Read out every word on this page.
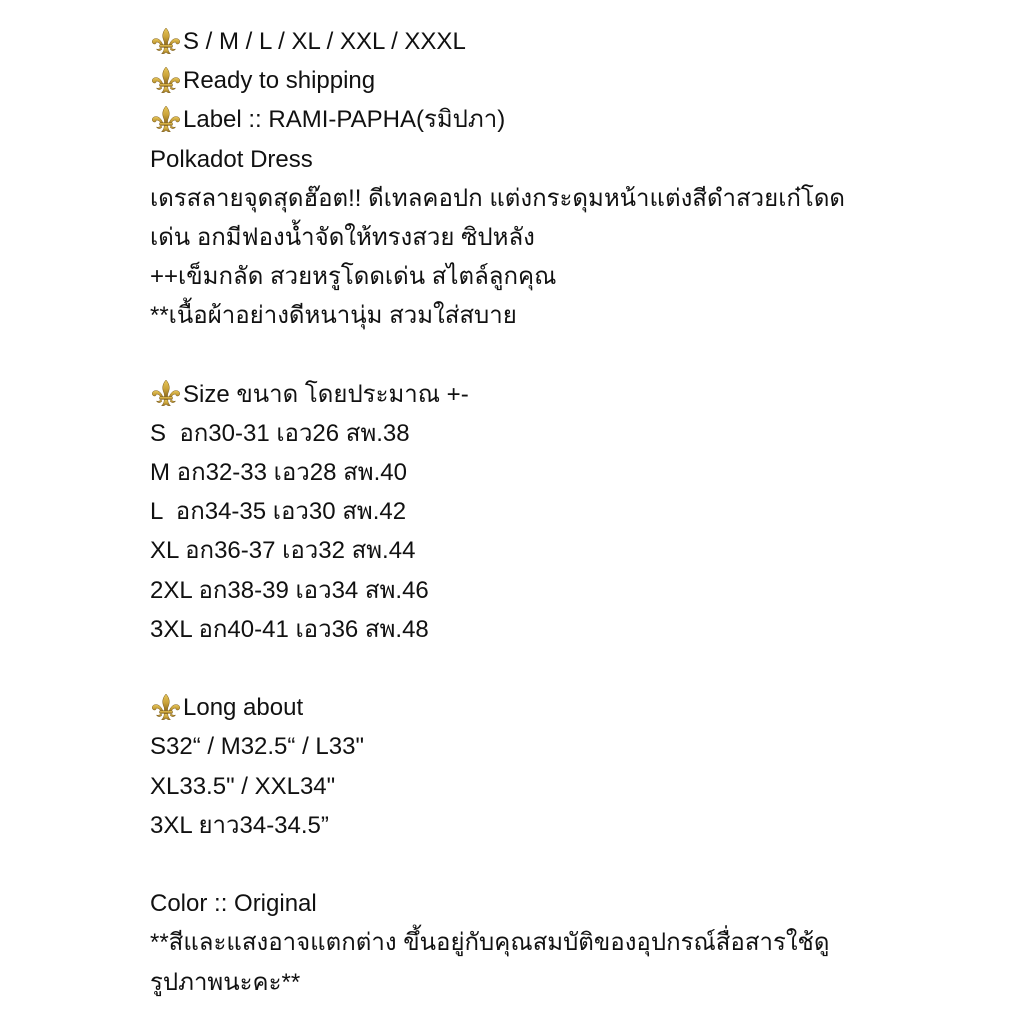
S / M / L / XL / XXL / XXXL
Ready to shipping
Label :: RAMI-PAPHA(รมิปภา)
Polkadot Dress
เดรสลายจุดสุดฮ๊อต!! ดีเทลคอปก แต่งกระดุมหน้าแต่งสีดำสวยเก๋โดด
เด่น อกมีฟองน้ำจัดให้ทรงสวย ซิปหลัง
++เข็มกลัด สวยหรูโดดเด่น สไตล์ลูกคุณ
**เนื้อผ้าอย่างดีหนานุ่ม สวมใส่สบาย
Size ขนาด โดยประมาณ +-
S  อก30-31 เอว26 สพ.38
M อก32-33 เอว28 สพ.40
L  อก34-35 เอว30 สพ.42
XL อก36-37 เอว32 สพ.44
2XL อก38-39 เอว34 สพ.46
3XL อก40-41 เอว36 สพ.48
Long about
S32“ / M32.5“ / L33"
XL33.5" / XXL34"
3XL ยาว34-34.5”
Color :: Original
**สีและแสงอาจแตกต่าง ขึ้นอยู่กับคุณสมบัติของอุปกรณ์สื่อสารใช้ดู
รูปภาพนะคะ**
